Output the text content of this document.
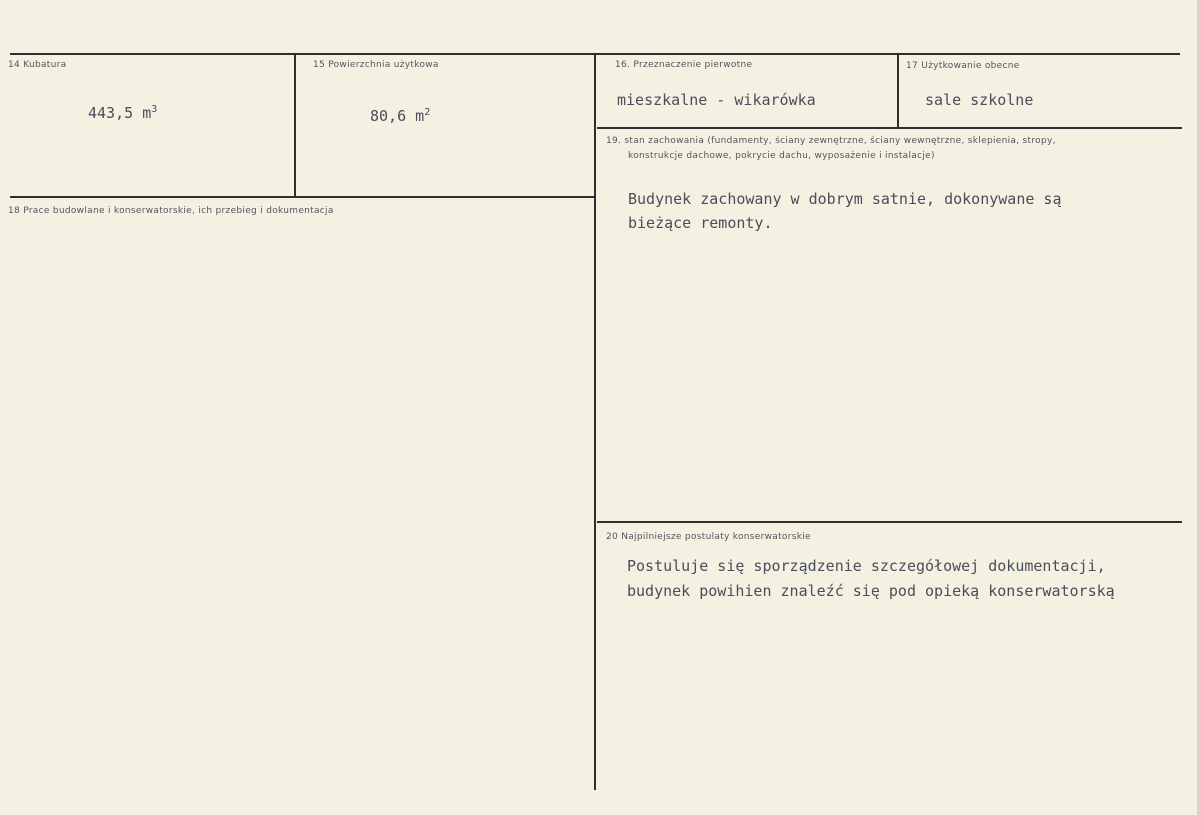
14 Kubatura
443,5 $m^3$
15 Powierzchnia użytkowa
80,6 $m^2$
16. Przeznaczenie pierwotne
mieszkalne - wikarówka
17 Użytkowanie obecne
sale szkolne
18 Prace budowlane i konserwatorskie, ich przebieg i dokumentacja
19. stan zachowania (fundamenty, ściany zewnętrzne, ściany wewnętrzne, sklepienia, stropy,
konstrukcje dachowe, pokrycie dachu, wyposażenie i instalacje)
Budynek zachowany w dobrym satnie, dokonywane są
bieżące remonty.
20 Najpilniejsze postulaty konserwatorskie
Postuluje się sporządzenie szczegółowej dokumentacji,
budynek powihien znaleźć się pod opieką konserwatorską
